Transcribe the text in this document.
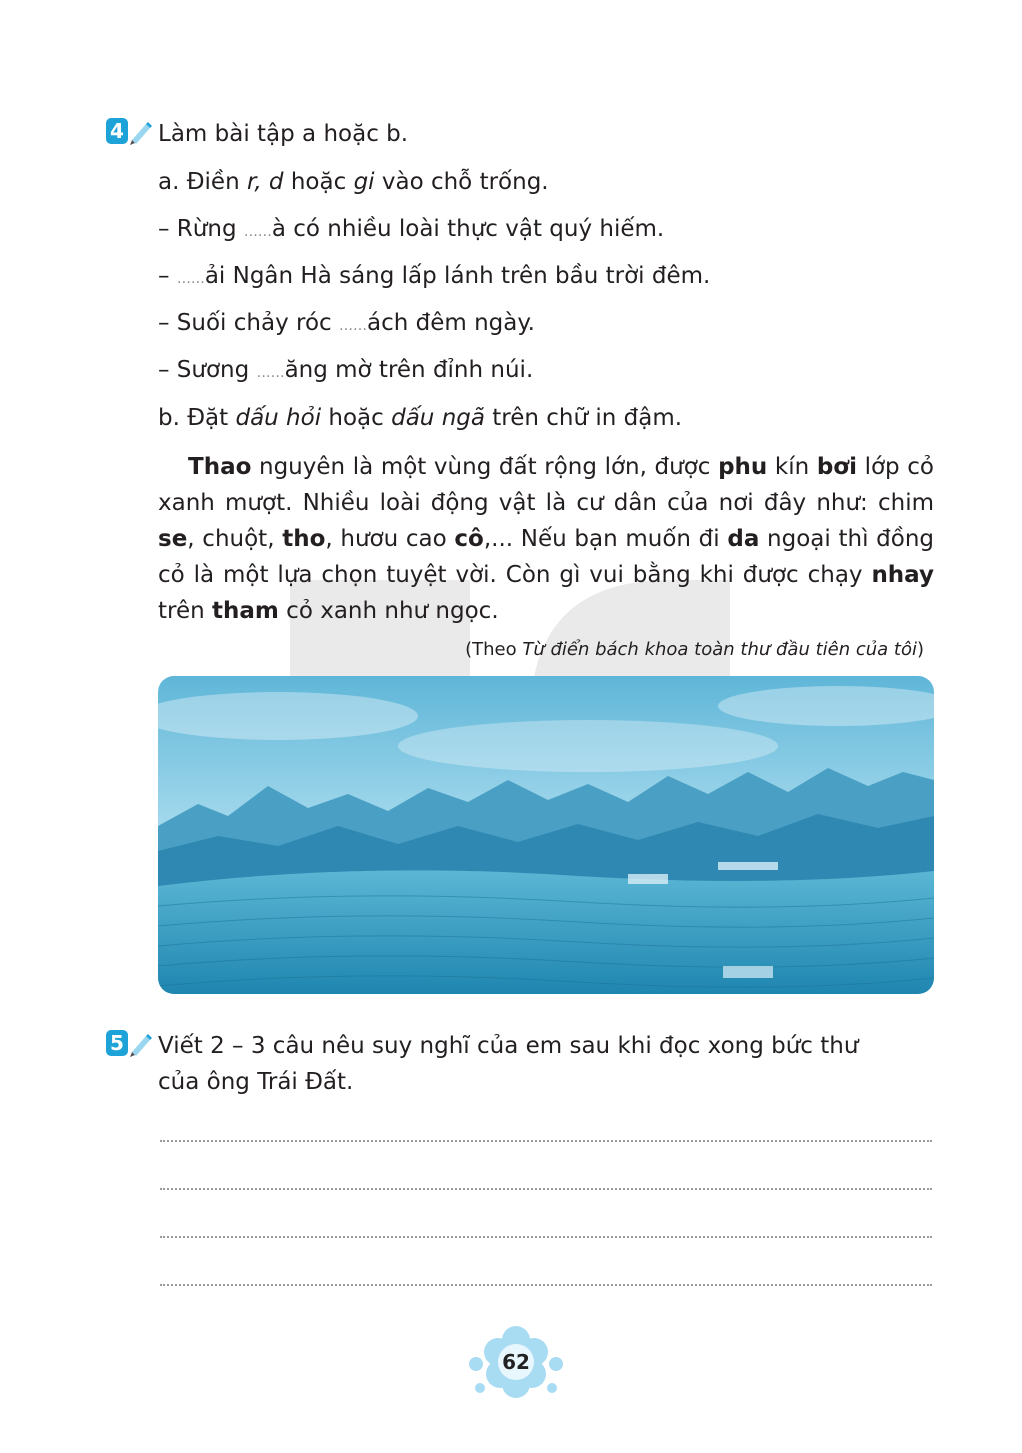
4 Làm bài tập a hoặc b.
a. Điền r, d hoặc gi vào chỗ trống.
– Rừng ……à có nhiều loài thực vật quý hiếm.
– ……ải Ngân Hà sáng lấp lánh trên bầu trời đêm.
– Suối chảy róc ……ách đêm ngày.
– Sương ……ăng mờ trên đỉnh núi.
b. Đặt dấu hỏi hoặc dấu ngã trên chữ in đậm.
Thao nguyên là một vùng đất rộng lớn, được phu kín bơi lớp cỏ xanh mượt. Nhiều loài động vật là cư dân của nơi đây như: chim se, chuột, tho, hươu cao cô,... Nếu bạn muốn đi da ngoại thì đồng cỏ là một lựa chọn tuyệt vời. Còn gì vui bằng khi được chạy nhay trên tham cỏ xanh như ngọc.
(Theo Từ điển bách khoa toàn thư đầu tiên của tôi)
5 Viết 2 – 3 câu nêu suy nghĩ của em sau khi đọc xong bức thư
của ông Trái Đất.
62
